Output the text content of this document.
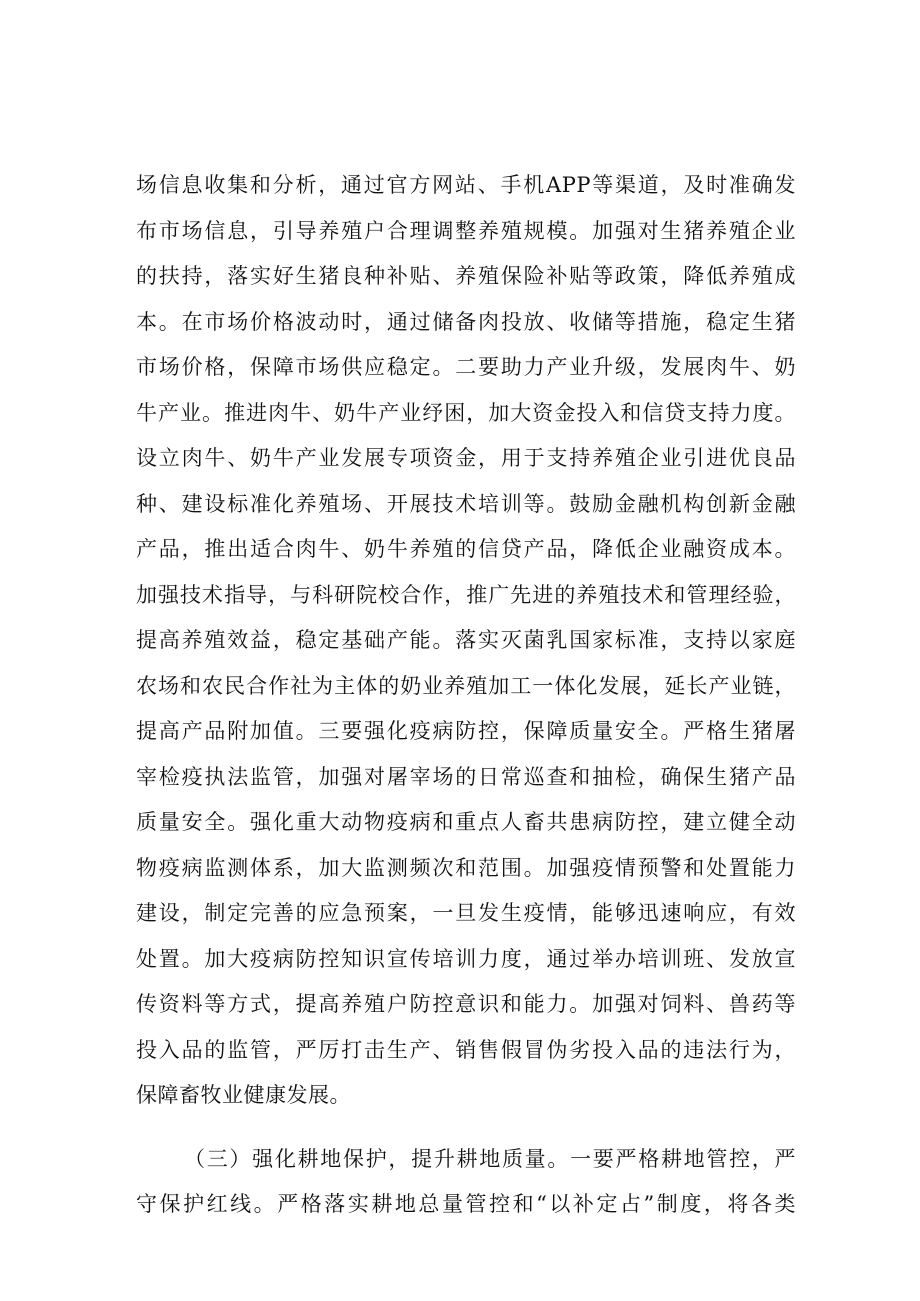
场信息收集和分析，通过官方网站、手机APP等渠道，及时准确发
布市场信息，引导养殖户合理调整养殖规模。加强对生猪养殖企业
的扶持，落实好生猪良种补贴、养殖保险补贴等政策，降低养殖成
本。在市场价格波动时，通过储备肉投放、收储等措施，稳定生猪
市场价格，保障市场供应稳定。二要助力产业升级，发展肉牛、奶
牛产业。推进肉牛、奶牛产业纾困，加大资金投入和信贷支持力度。
设立肉牛、奶牛产业发展专项资金，用于支持养殖企业引进优良品
种、建设标准化养殖场、开展技术培训等。鼓励金融机构创新金融
产品，推出适合肉牛、奶牛养殖的信贷产品，降低企业融资成本。
加强技术指导，与科研院校合作，推广先进的养殖技术和管理经验，
提高养殖效益，稳定基础产能。落实灭菌乳国家标准，支持以家庭
农场和农民合作社为主体的奶业养殖加工一体化发展，延长产业链，
提高产品附加值。三要强化疫病防控，保障质量安全。严格生猪屠
宰检疫执法监管，加强对屠宰场的日常巡查和抽检，确保生猪产品
质量安全。强化重大动物疫病和重点人畜共患病防控，建立健全动
物疫病监测体系，加大监测频次和范围。加强疫情预警和处置能力
建设，制定完善的应急预案，一旦发生疫情，能够迅速响应，有效
处置。加大疫病防控知识宣传培训力度，通过举办培训班、发放宣
传资料等方式，提高养殖户防控意识和能力。加强对饲料、兽药等
投入品的监管，严厉打击生产、销售假冒伪劣投入品的违法行为，
保障畜牧业健康发展。
（三）强化耕地保护，提升耕地质量。一要严格耕地管控，严
守保护红线。严格落实耕地总量管控和“以补定占”制度，将各类
